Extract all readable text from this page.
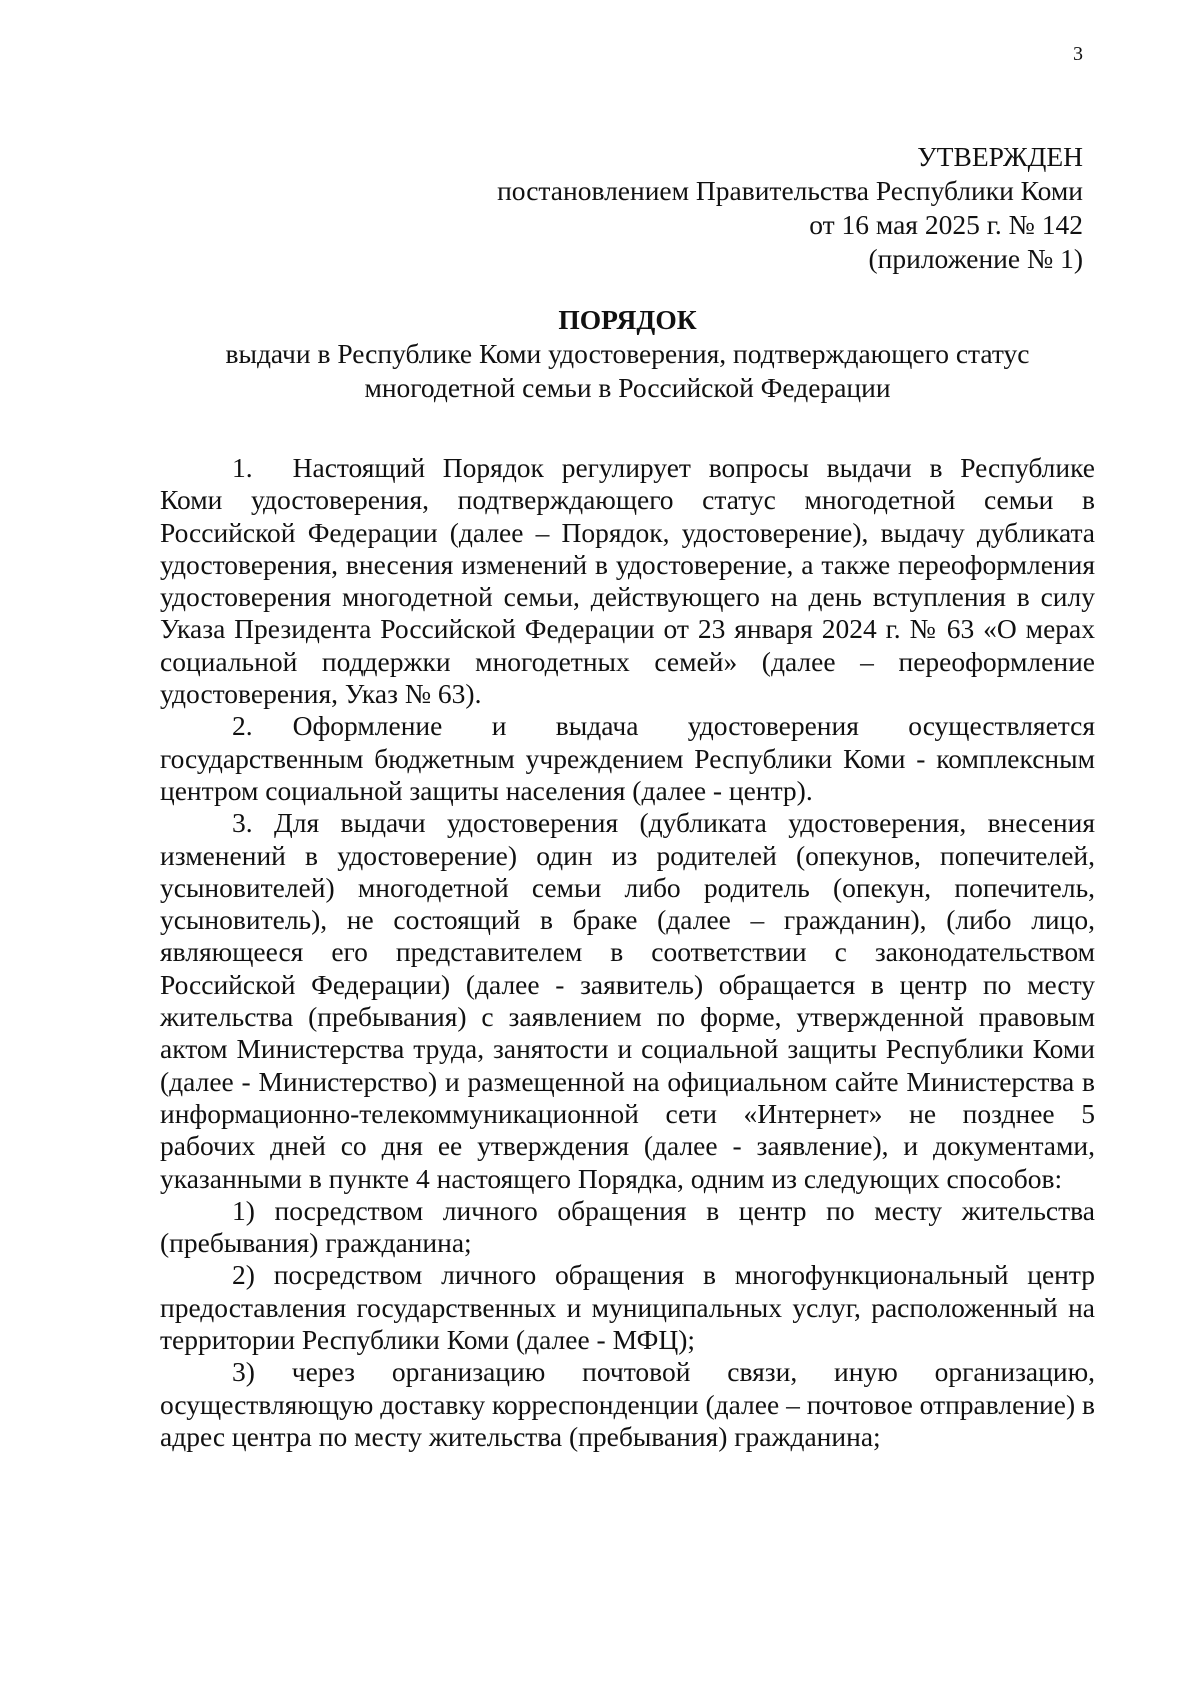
3
УТВЕРЖДЕН
постановлением Правительства Республики Коми
от 16 мая 2025 г. № 142
(приложение № 1)
ПОРЯДОК
выдачи в Республике Коми удостоверения, подтверждающего статус
многодетной семьи в Российской Федерации

1. Настоящий Порядок регулирует вопросы выдачи в Республике Коми удостоверения, подтверждающего статус многодетной семьи в Российской Федерации (далее – Порядок, удостоверение), выдачу дубликата удостоверения, внесения изменений в удостоверение, а также переоформления удостоверения многодетной семьи, действующего на день вступления в силу Указа Президента Российской Федерации от 23 января 2024 г. № 63 «О мерах социальной поддержки многодетных семей» (далее – переоформление удостоверения, Указ № 63).

2. Оформление и выдача удостоверения осуществляется государственным бюджетным учреждением Республики Коми - комплексным центром социальной защиты населения (далее - центр).

3. Для выдачи удостоверения (дубликата удостоверения, внесения изменений в удостоверение) один из родителей (опекунов, попечителей, усыновителей) многодетной семьи либо родитель (опекун, попечитель, усыновитель), не состоящий в браке (далее – гражданин), (либо лицо, являющееся его представителем в соответствии с законодательством Российской Федерации) (далее - заявитель) обращается в центр по месту жительства (пребывания) с заявлением по форме, утвержденной правовым актом Министерства труда, занятости и социальной защиты Республики Коми (далее - Министерство) и размещенной на официальном сайте Министерства в информационно-телекоммуникационной сети «Интернет» не позднее 5 рабочих дней со дня ее утверждения (далее - заявление), и документами, указанными в пункте 4 настоящего Порядка, одним из следующих способов:

1) посредством личного обращения в центр по месту жительства (пребывания) гражданина;

2) посредством личного обращения в многофункциональный центр предоставления государственных и муниципальных услуг, расположенный на территории Республики Коми (далее - МФЦ);

3) через организацию почтовой связи, иную организацию, осуществляющую доставку корреспонденции (далее – почтовое отправление) в адрес центра по месту жительства (пребывания) гражданина;
